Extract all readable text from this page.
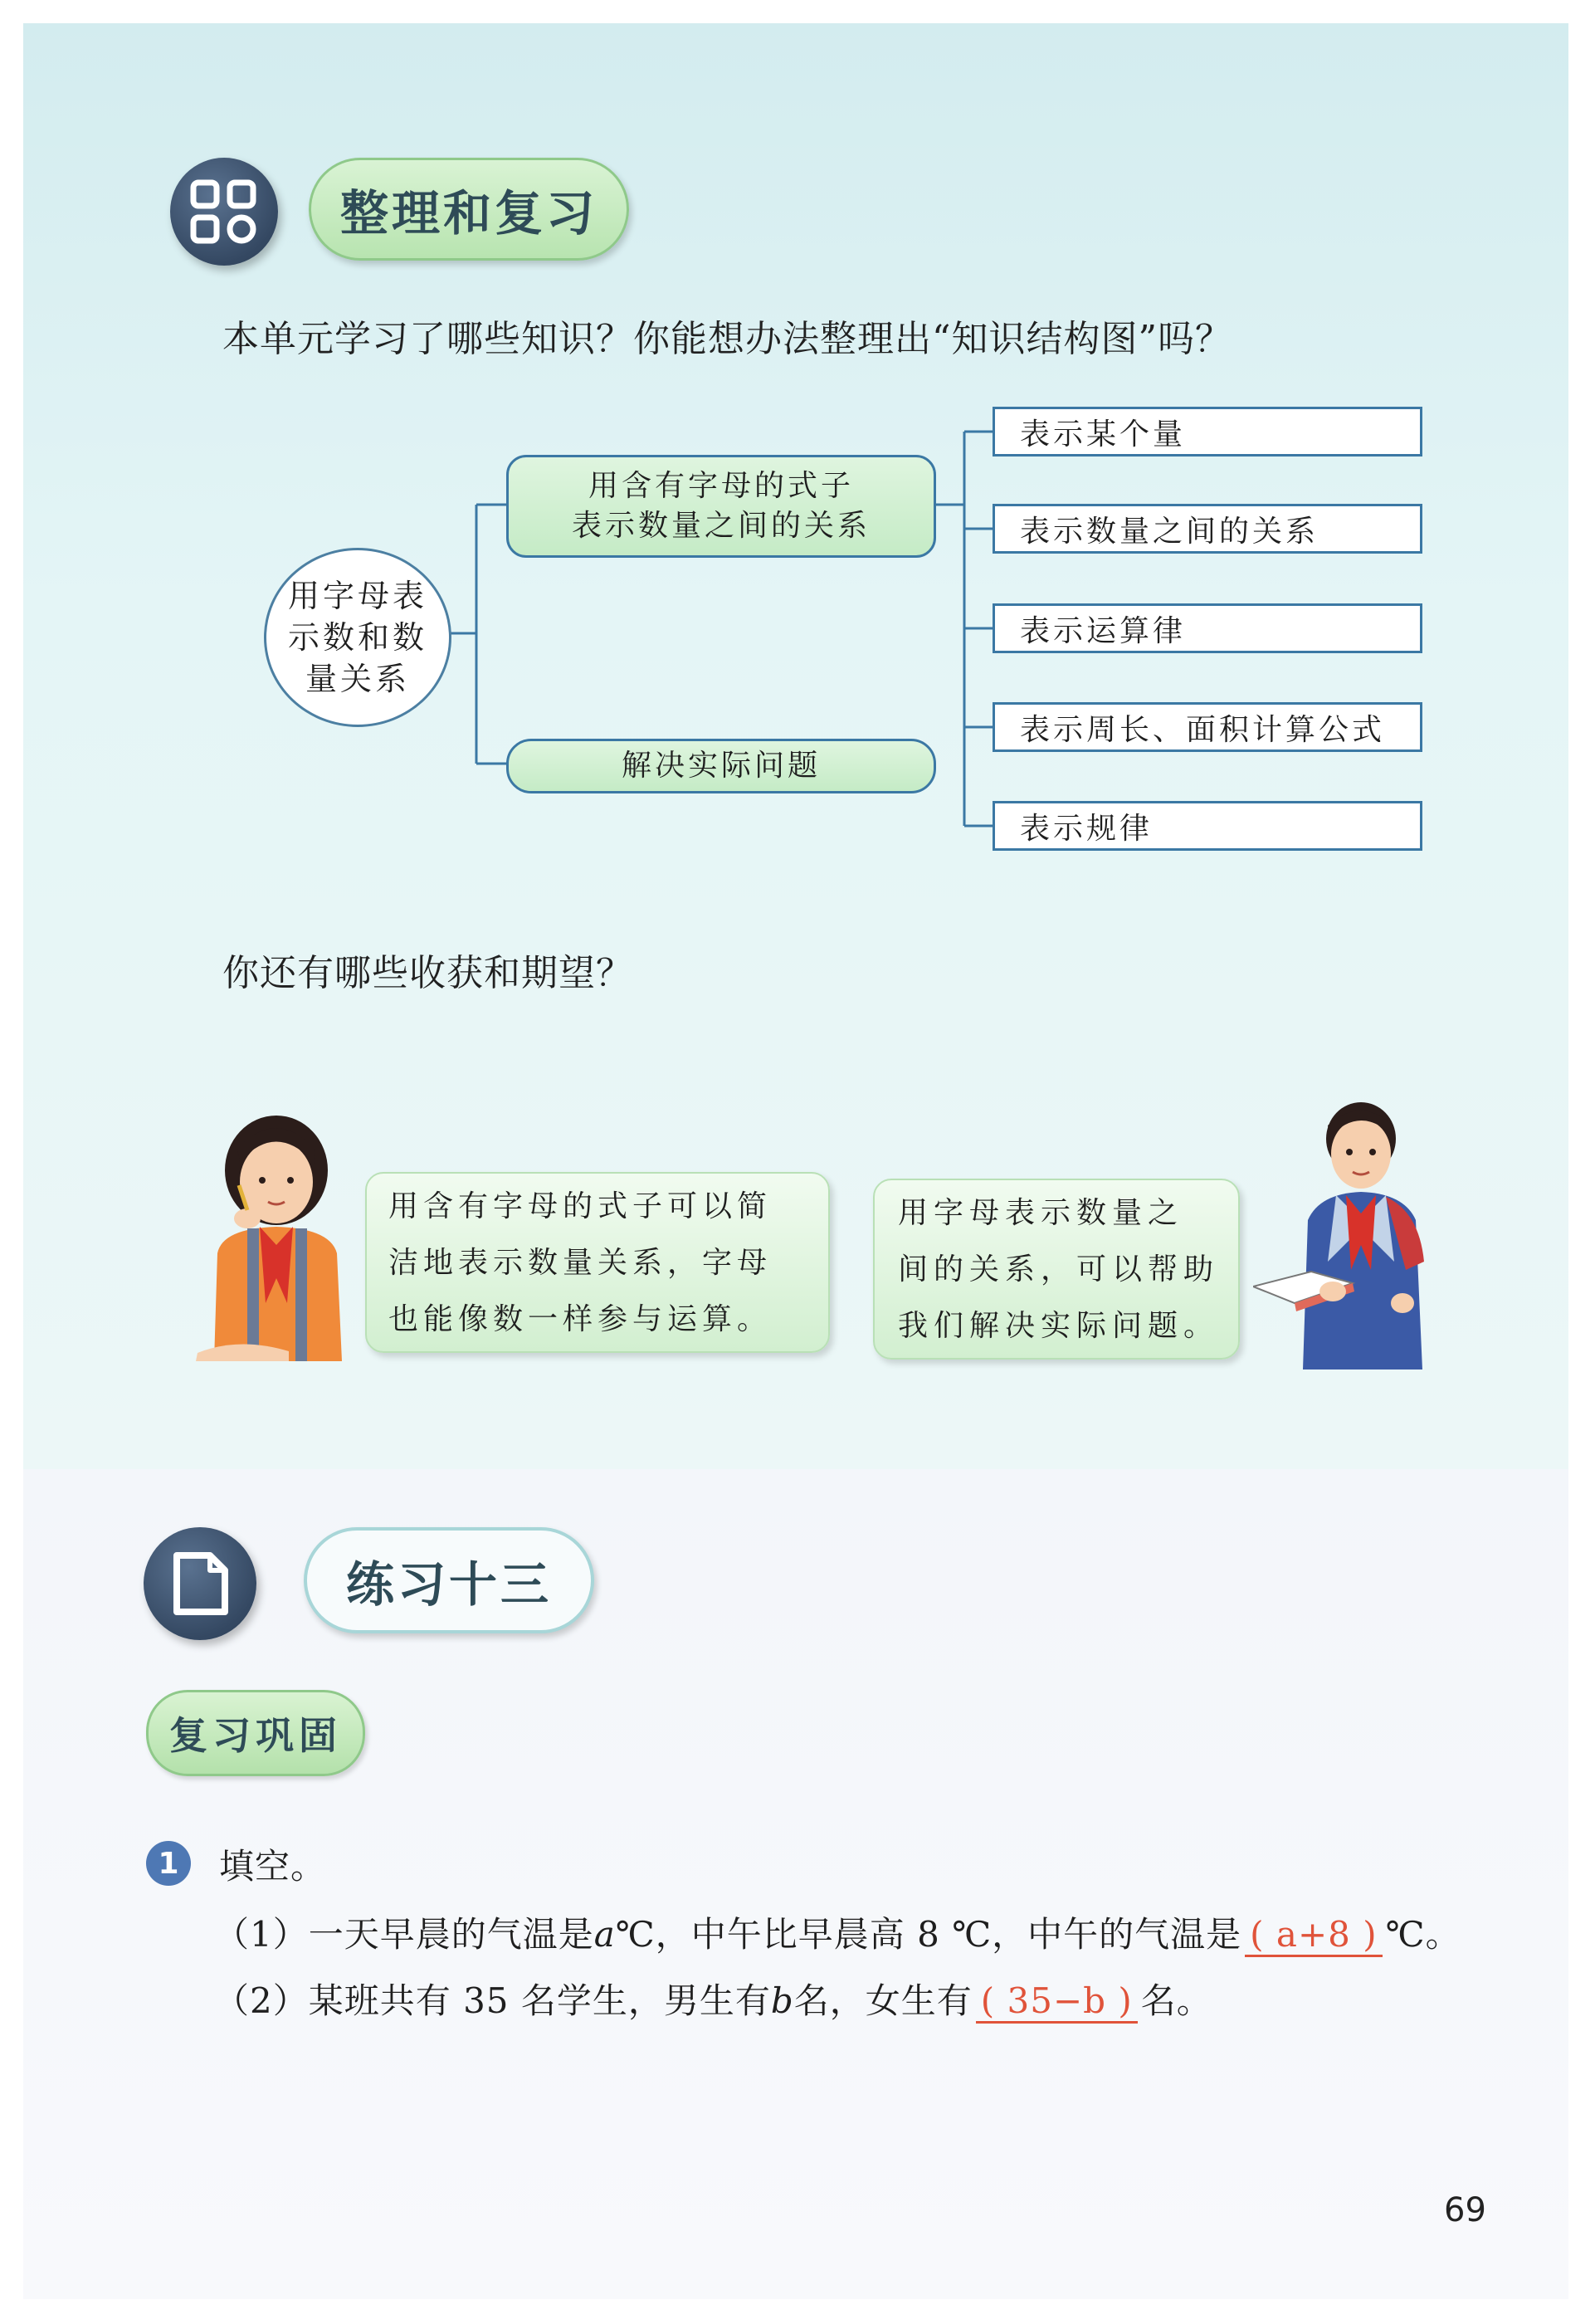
整理和复习
本单元学习了哪些知识？你能想办法整理出“知识结构图”吗？
用字母表
示数和数
量关系
用含有字母的式子
表示数量之间的关系
解决实际问题
表示某个量
表示数量之间的关系
表示运算律
表示周长、面积计算公式
表示规律
你还有哪些收获和期望？
用含有字母的式子可以简
洁地表示数量关系，字母
也能像数一样参与运算。
用字母表示数量之
间的关系，可以帮助
我们解决实际问题。
练习十三
复习巩固
1	填空。
（1）一天早晨的气温是a℃，中午比早晨高 8 ℃，中午的气温是 ( a+8 ) ℃。
（2）某班共有 35 名学生，男生有b名，女生有 ( 35−b ) 名。
69
